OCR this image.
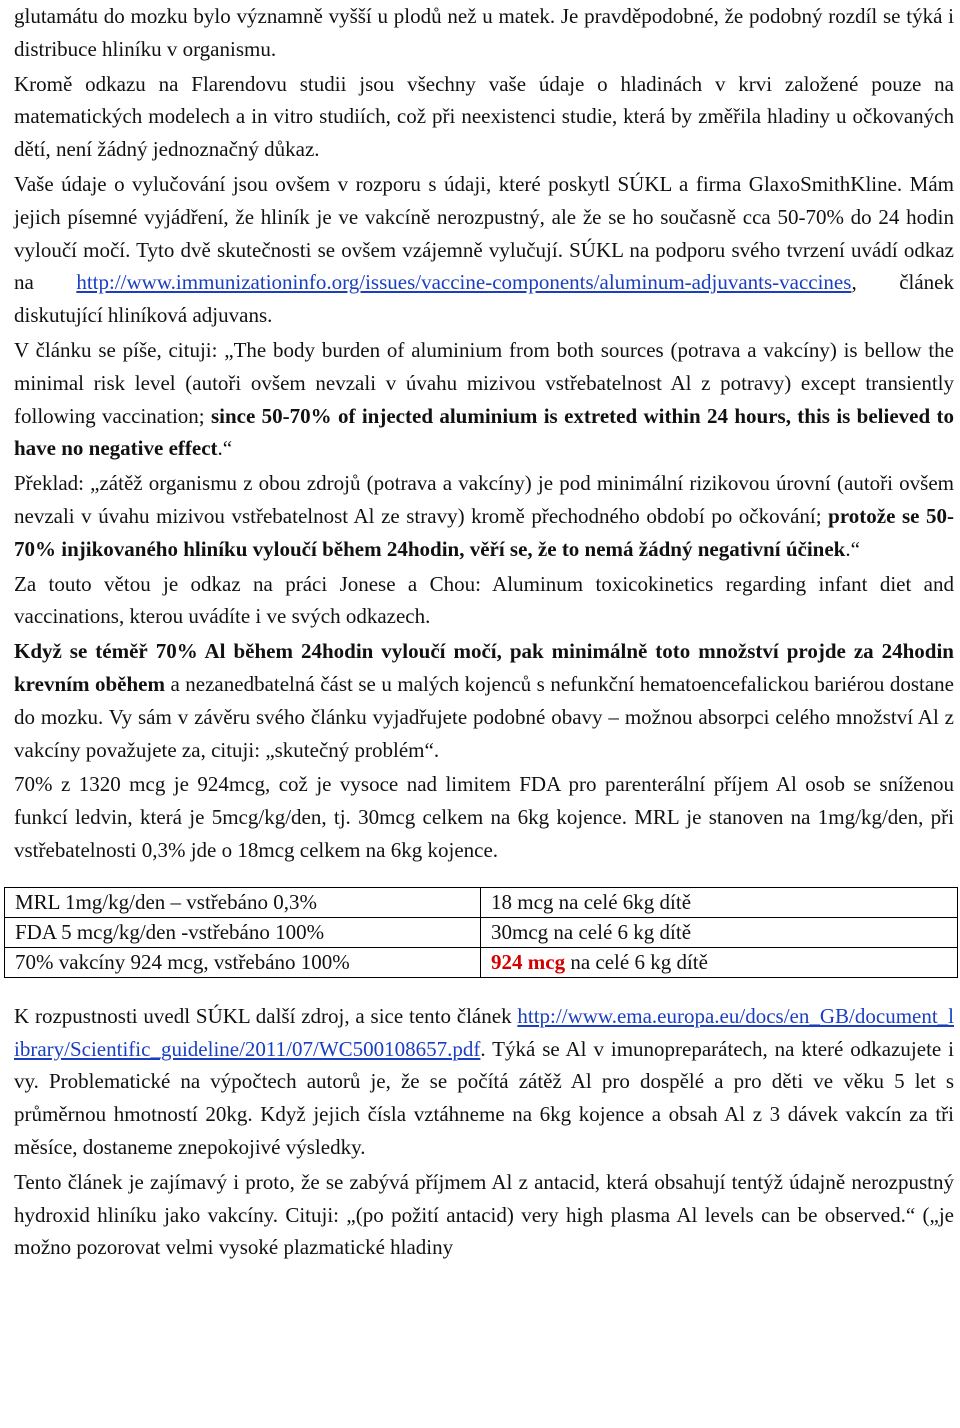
glutamátu do mozku bylo významně vyšší u plodů než u matek. Je pravděpodobné, že podobný rozdíl se týká i distribuce hliníku v organismu.

Kromě odkazu na Flarendovu studii jsou všechny vaše údaje o hladinách v krvi založené pouze na matematických modelech a in vitro studiích, což při neexistenci studie, která by změřila hladiny u očkovaných dětí, není žádný jednoznačný důkaz.

Vaše údaje o vylučování jsou ovšem v rozporu s údaji, které poskytl SÚKL a firma GlaxoSmithKline. Mám jejich písemné vyjádření, že hliník je ve vakcíně nerozpustný, ale že se ho současně cca 50-70% do 24 hodin vyloučí močí. Tyto dvě skutečnosti se ovšem vzájemně vylučují. SÚKL na podporu svého tvrzení uvádí odkaz na http://www.immunizationinfo.org/issues/vaccine-components/aluminum-adjuvants-vaccines, článek diskutující hliníková adjuvans.

V článku se píše, cituji: „The body burden of aluminium from both sources (potrava a vakcíny) is bellow the minimal risk level (autoři ovšem nevzali v úvahu mizivou vstřebatelnost Al z potravy) except transiently following vaccination; since 50-70% of injected aluminium is extreted within 24 hours, this is believed to have no negative effect.“

Překlad: „zátěž organismu z obou zdrojů (potrava a vakcíny) je pod minimální rizikovou úrovní (autoři ovšem nevzali v úvahu mizivou vstřebatelnost Al ze stravy) kromě přechodného období po očkování; protože se 50-70% injikovaného hliníku vyloučí během 24hodin, věří se, že to nemá žádný negativní účinek.“

Za touto větou je odkaz na práci Jonese a Chou: Aluminum toxicokinetics regarding infant diet and vaccinations, kterou uvádíte i ve svých odkazech.

Když se téměř 70% Al během 24hodin vyloučí močí, pak minimálně toto množství projde za 24hodin krevním oběhem a nezanedbatelná část se u malých kojenců s nefunkční hematoencefalickou bariérou dostane do mozku. Vy sám v závěru svého článku vyjadřujete podobné obavy – možnou absorpci celého množství Al z vakcíny považujete za, cituji: „skutečný problém“.

70% z 1320 mcg je 924mcg, což je vysoce nad limitem FDA pro parenterální příjem Al osob se sníženou funkcí ledvin, která je 5mcg/kg/den, tj. 30mcg celkem na 6kg kojence. MRL je stanoven na 1mg/kg/den, při vstřebatelnosti 0,3% jde o 18mcg celkem na 6kg kojence.

MRL 1mg/kg/den – vstřebáno 0,3%	18 mcg na celé 6kg dítě
FDA 5 mcg/kg/den -vstřebáno 100%	30mcg na celé 6 kg dítě
70% vakcíny 924 mcg, vstřebáno 100%	924 mcg na celé 6 kg dítě

K rozpustnosti uvedl SÚKL další zdroj, a sice tento článek http://www.ema.europa.eu/docs/en_GB/document_library/Scientific_guideline/2011/07/WC500108657.pdf. Týká se Al v imunopreparátech, na které odkazujete i vy. Problematické na výpočtech autorů je, že se počítá zátěž Al pro dospělé a pro děti ve věku 5 let s průměrnou hmotností 20kg. Když jejich čísla vztáhneme na 6kg kojence a obsah Al z 3 dávek vakcín za tři měsíce, dostaneme znepokojivé výsledky.

Tento článek je zajímavý i proto, že se zabývá příjmem Al z antacid, která obsahují tentýž údajně nerozpustný hydroxid hliníku jako vakcíny. Cituji: „(po požití antacid) very high plasma Al levels can be observed.“ („je možno pozorovat velmi vysoké plazmatické hladiny
